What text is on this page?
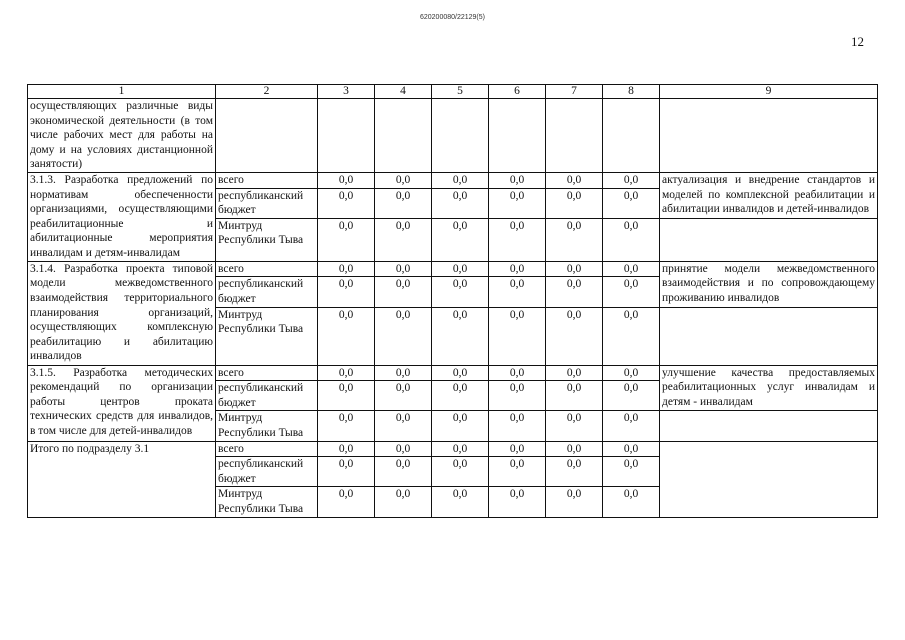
620200080/22129(5)
12
1	2	3	4	5	6	7	8	9
осуществляющих различные виды экономической деятельности (в том числе рабочих мест для работы на дому и на условиях дистанционной занятости)								
3.1.3. Разработка предложений по нормативам обеспеченности организациями, осуществляющими реабилитационные и абилитационные мероприятия инвалидам и детям-инвалидам	всего	0,0	0,0	0,0	0,0	0,0	0,0	актуализация и внедрение стандартов и моделей по комплексной реабилитации и абилитации инвалидов и детей-инвалидов
	республиканский бюджет	0,0	0,0	0,0	0,0	0,0	0,0	
	Минтруд Республики Тыва	0,0	0,0	0,0	0,0	0,0	0,0	
3.1.4. Разработка проекта типовой модели межведомственного взаимодействия территориального планирования организаций, осуществляющих комплексную реабилитацию и абилитацию инвалидов	всего	0,0	0,0	0,0	0,0	0,0	0,0	принятие модели межведомственного взаимодействия и по сопровождающему проживанию инвалидов
	республиканский бюджет	0,0	0,0	0,0	0,0	0,0	0,0	
	Минтруд Республики Тыва	0,0	0,0	0,0	0,0	0,0	0,0	
3.1.5. Разработка методических рекомендаций по организации работы центров проката технических средств для инвалидов, в том числе для детей-инвалидов	всего	0,0	0,0	0,0	0,0	0,0	0,0	улучшение качества предоставляемых реабилитационных услуг инвалидам и детям - инвалидам
	республиканский бюджет	0,0	0,0	0,0	0,0	0,0	0,0	
	Минтруд Республики Тыва	0,0	0,0	0,0	0,0	0,0	0,0	
Итого по подразделу 3.1	всего	0,0	0,0	0,0	0,0	0,0	0,0	
	республиканский бюджет	0,0	0,0	0,0	0,0	0,0	0,0	
	Минтруд Республики Тыва	0,0	0,0	0,0	0,0	0,0	0,0	
